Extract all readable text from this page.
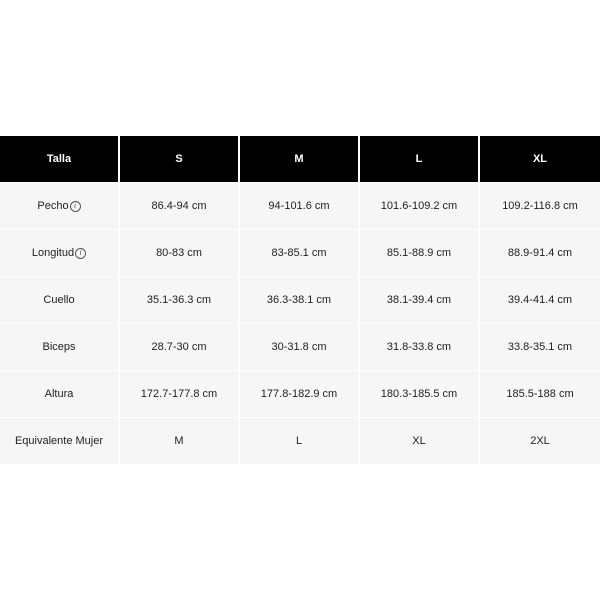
Talla	S	M	L	XL
Pecho i	86.4-94 cm	94-101.6 cm	101.6-109.2 cm	109.2-116.8 cm
Longitud i	80-83 cm	83-85.1 cm	85.1-88.9 cm	88.9-91.4 cm
Cuello	35.1-36.3 cm	36.3-38.1 cm	38.1-39.4 cm	39.4-41.4 cm
Biceps	28.7-30 cm	30-31.8 cm	31.8-33.8 cm	33.8-35.1 cm
Altura	172.7-177.8 cm	177.8-182.9 cm	180.3-185.5 cm	185.5-188 cm
Equivalente Mujer	M	L	XL	2XL
